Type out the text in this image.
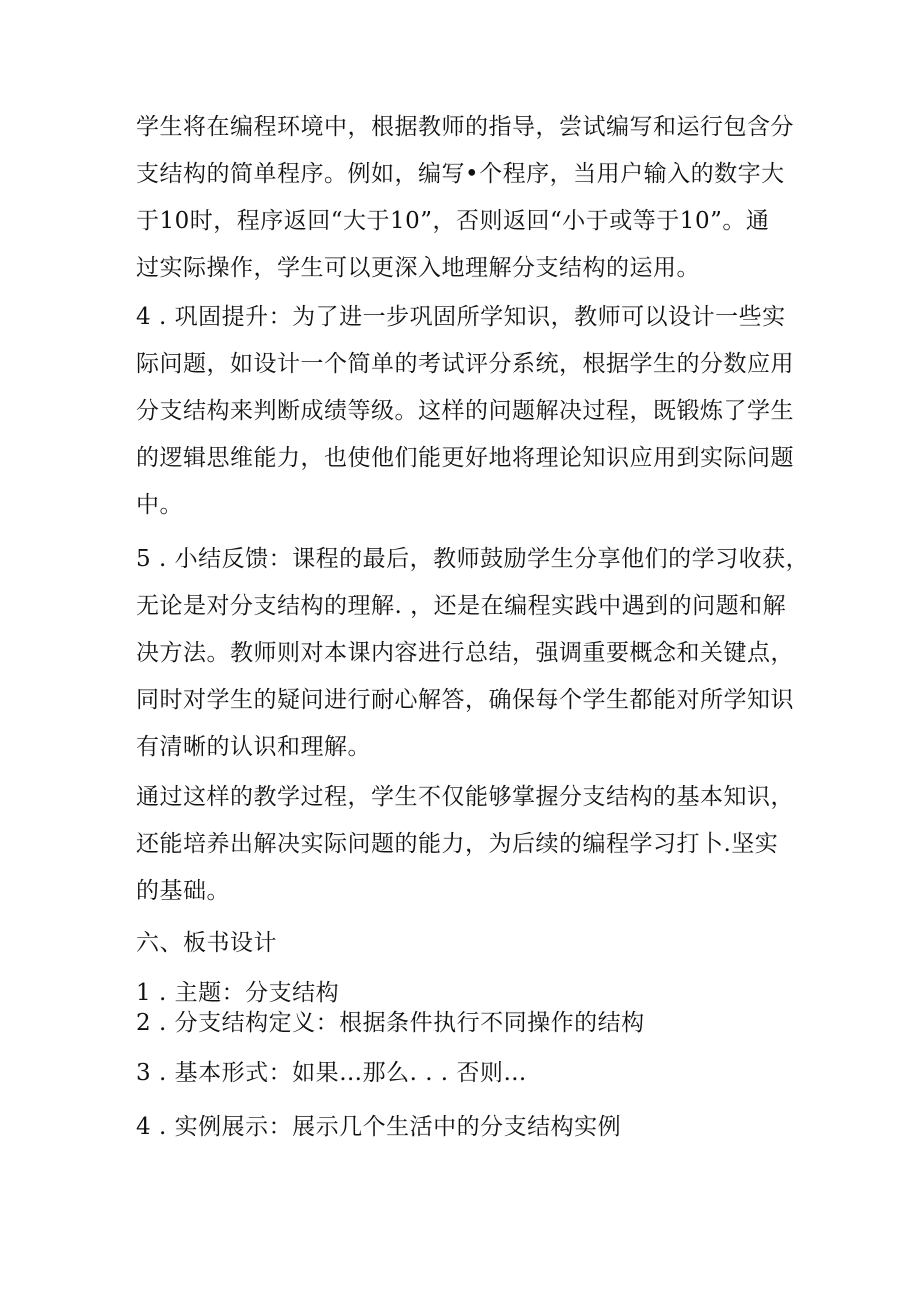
学生将在编程环境中，根据教师的指导，尝试编写和运行包含分
支结构的简单程序。例如，编写•个程序，当用户输入的数字大
于10时，程序返回“大于10”，否则返回“小于或等于10”。通
过实际操作，学生可以更深入地理解分支结构的运用。
4 . 巩固提升：为了进一步巩固所学知识，教师可以设计一些实
际问题，如设计一个简单的考试评分系统，根据学生的分数应用
分支结构来判断成绩等级。这样的问题解决过程，既锻炼了学生
的逻辑思维能力，也使他们能更好地将理论知识应用到实际问题
中。
5 . 小结反馈：课程的最后，教师鼓励学生分享他们的学习收获，
无论是对分支结构的理解. ，还是在编程实践中遇到的问题和解
决方法。教师则对本课内容进行总结，强调重要概念和关键点，
同时对学生的疑问进行耐心解答，确保每个学生都能对所学知识
有清晰的认识和理解。
通过这样的教学过程，学生不仅能够掌握分支结构的基本知识，
还能培养出解决实际问题的能力，为后续的编程学习打卜.坚实
的基础。
六、板书设计
1 . 主题：分支结构
2 . 分支结构定义：根据条件执行不同操作的结构
3 . 基本形式：如果…那么. . . 否则…
4 . 实例展示：展示几个生活中的分支结构实例
